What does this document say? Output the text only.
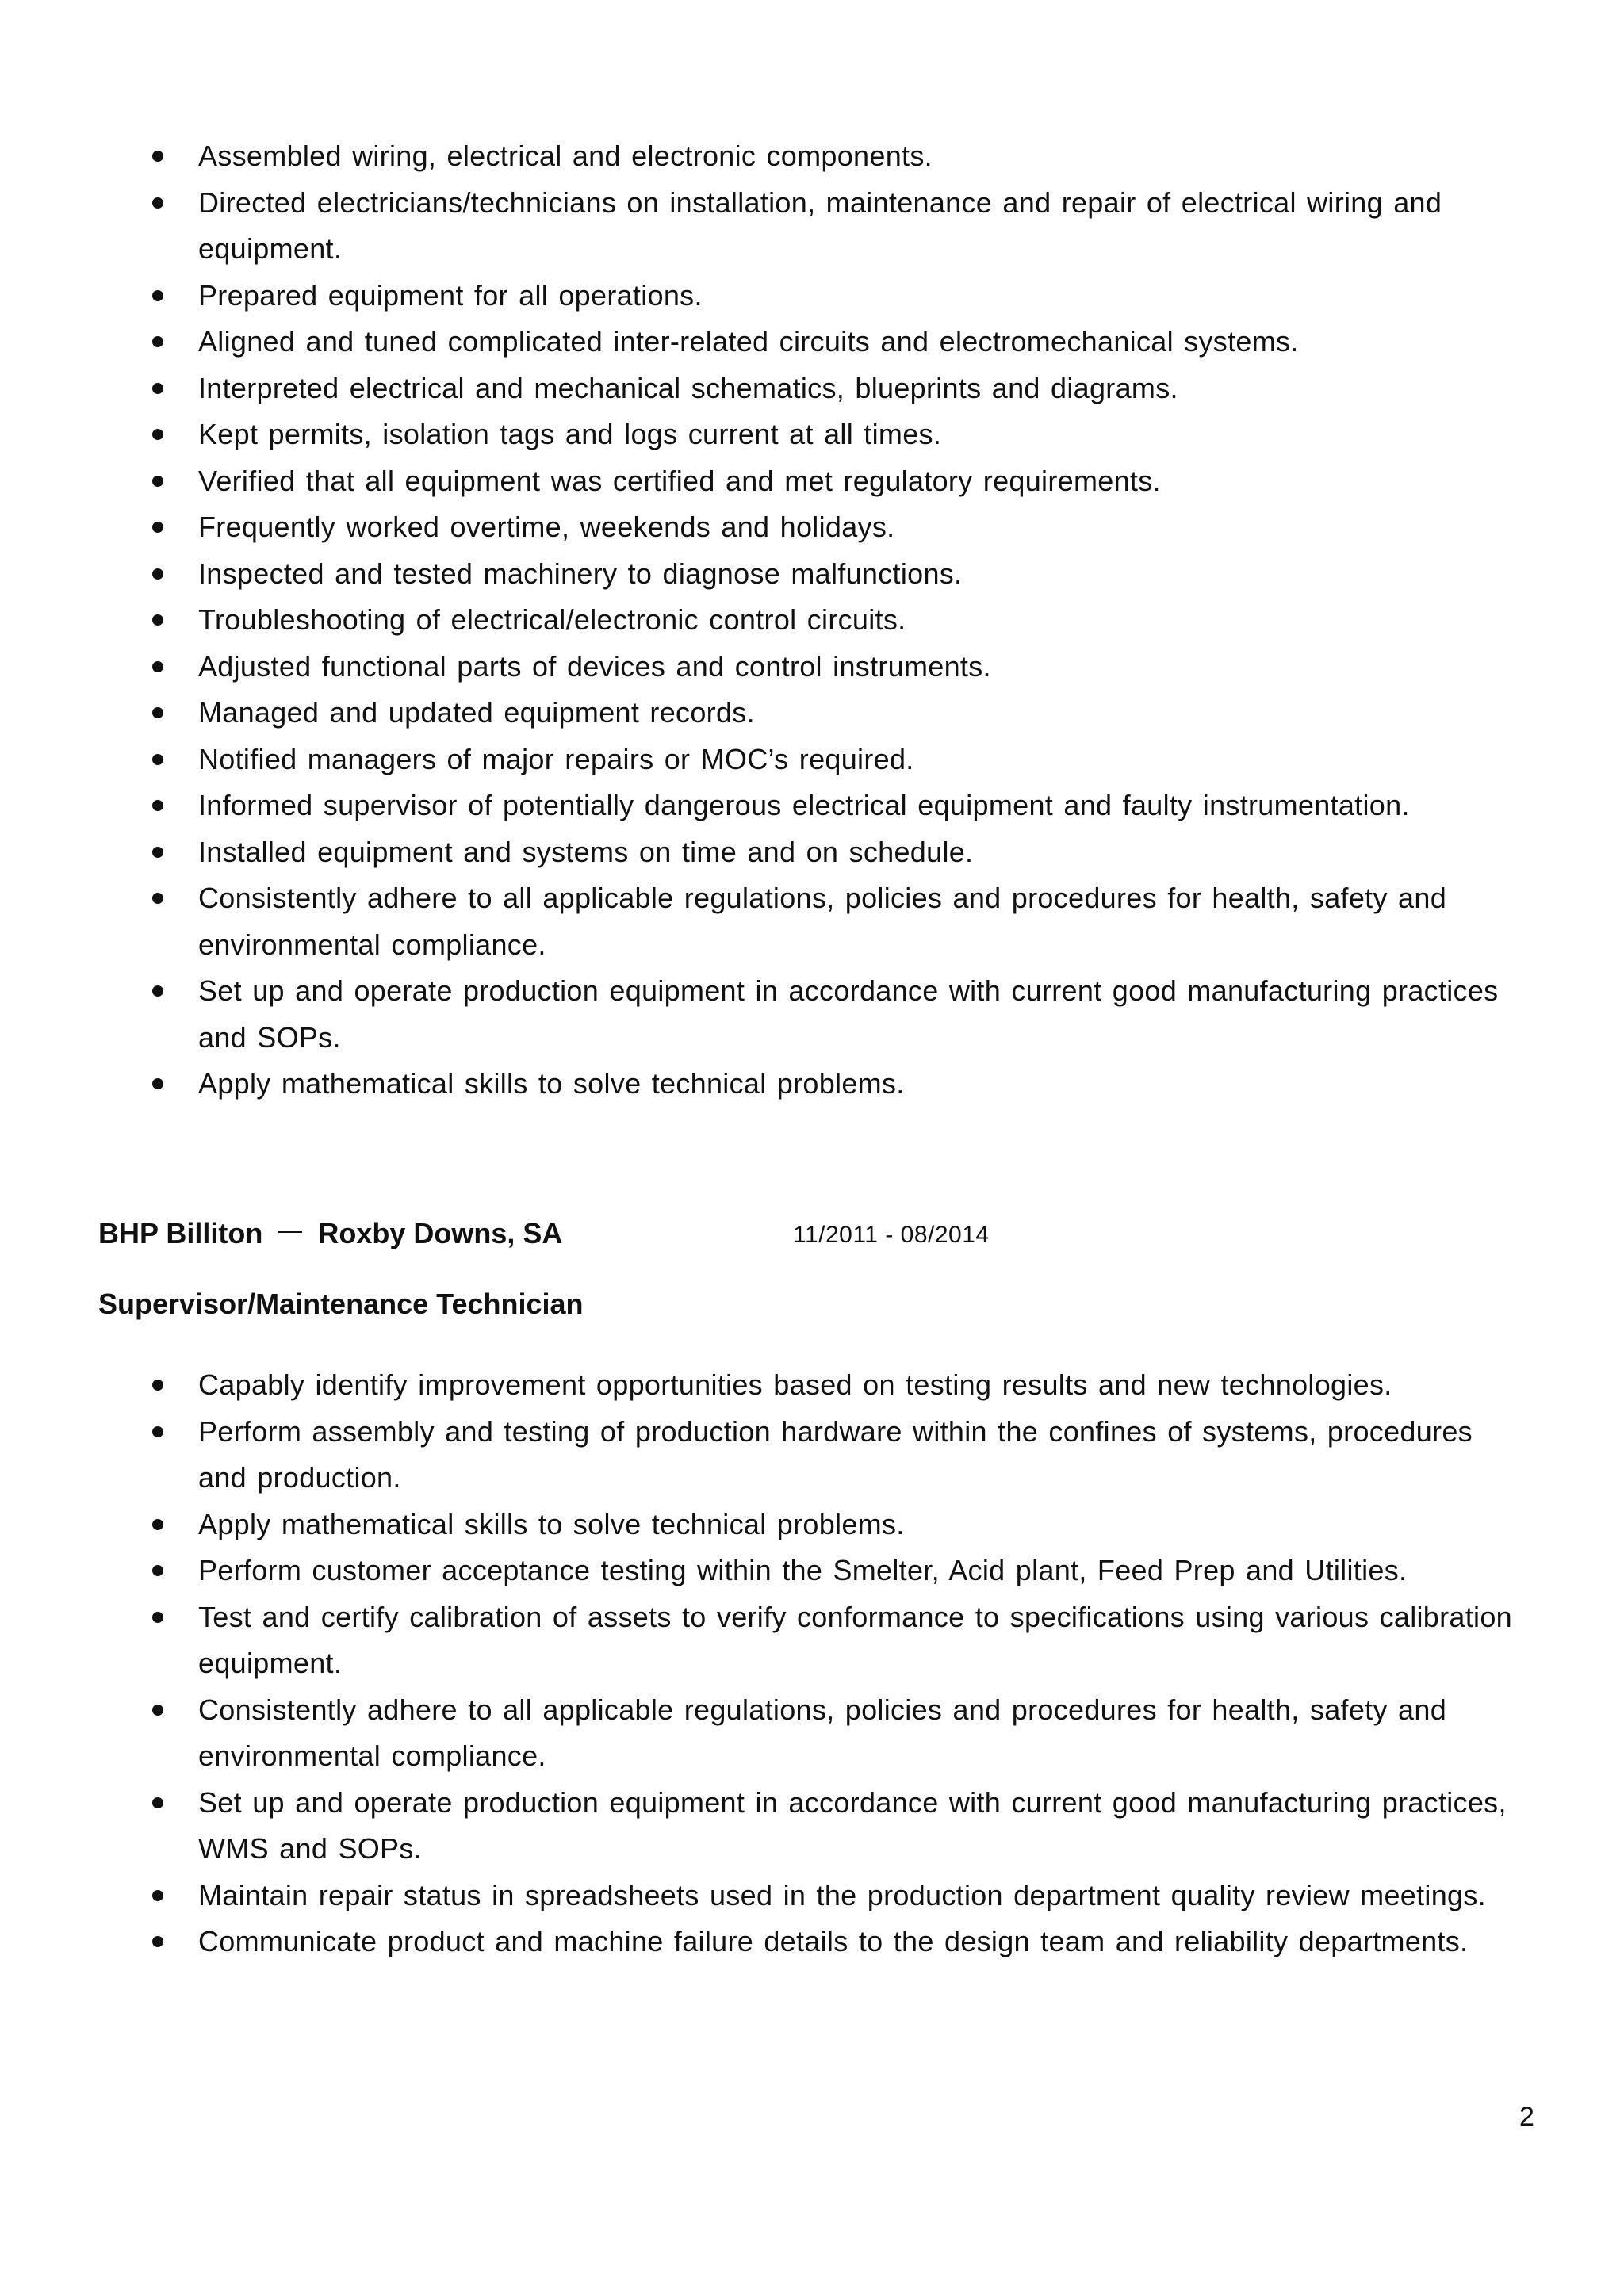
Assembled wiring, electrical and electronic components.
Directed electricians/technicians on installation, maintenance and repair of electrical wiring and equipment.
Prepared equipment for all operations.
Aligned and tuned complicated inter-related circuits and electromechanical systems.
Interpreted electrical and mechanical schematics, blueprints and diagrams.
Kept permits, isolation tags and logs current at all times.
Verified that all equipment was certified and met regulatory requirements.
Frequently worked overtime, weekends and holidays.
Inspected and tested machinery to diagnose malfunctions.
Troubleshooting of electrical/electronic control circuits.
Adjusted functional parts of devices and control instruments.
Managed and updated equipment records.
Notified managers of major repairs or MOC’s required.
Informed supervisor of potentially dangerous electrical equipment and faulty instrumentation.
Installed equipment and systems on time and on schedule.
Consistently adhere to all applicable regulations, policies and procedures for health, safety and environmental compliance.
Set up and operate production equipment in accordance with current good manufacturing practices and SOPs.
Apply mathematical skills to solve technical problems.
BHP Billiton Roxby Downs, SA	11/2011 - 08/2014
Supervisor/Maintenance Technician
Capably identify improvement opportunities based on testing results and new technologies.
Perform assembly and testing of production hardware within the confines of systems, procedures and production.
Apply mathematical skills to solve technical problems.
Perform customer acceptance testing within the Smelter, Acid plant, Feed Prep and Utilities.
Test and certify calibration of assets to verify conformance to specifications using various calibration equipment.
Consistently adhere to all applicable regulations, policies and procedures for health, safety and environmental compliance.
Set up and operate production equipment in accordance with current good manufacturing practices, WMS and SOPs.
Maintain repair status in spreadsheets used in the production department quality review meetings.
Communicate product and machine failure details to the design team and reliability departments.
2
